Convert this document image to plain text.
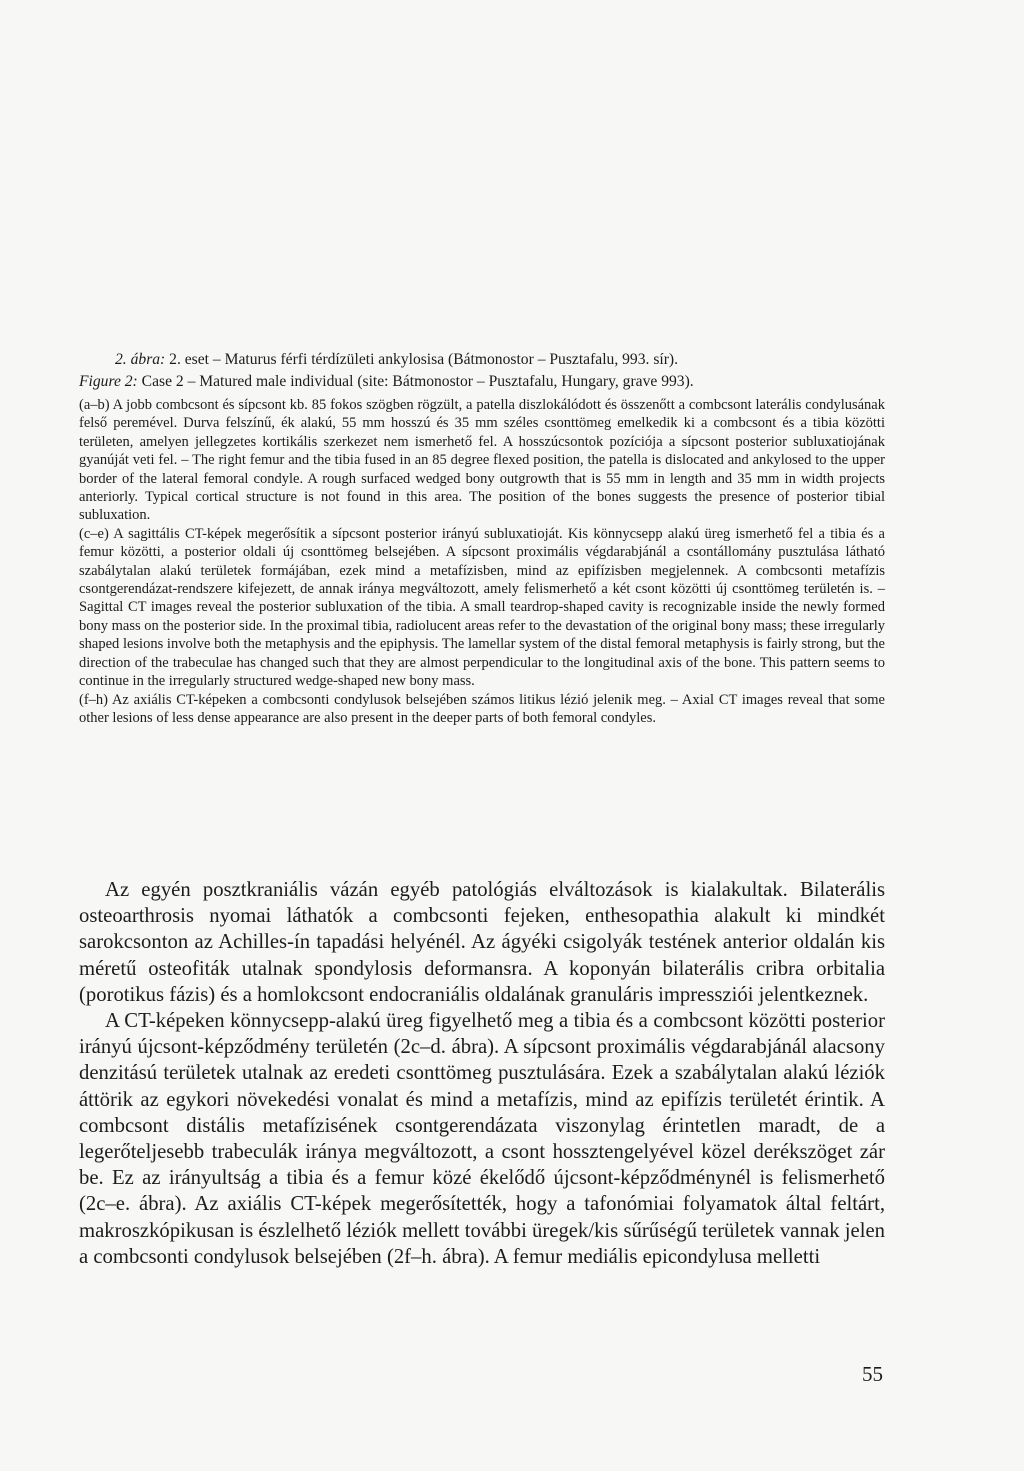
2. ábra: 2. eset – Maturus férfi térdízületi ankylosisa (Bátmonostor – Pusztafalu, 993. sír).

Figure 2: Case 2 – Matured male individual (site: Bátmonostor – Pusztafalu, Hungary, grave 993).

(a–b) A jobb combcsont és sípcsont kb. 85 fokos szögben rögzült, a patella diszlokálódott és összenőtt a combcsont laterális condylusának felső peremével. Durva felszínű, ék alakú, 55 mm hosszú és 35 mm széles csonttömeg emelkedik ki a combcsont és a tibia közötti területen, amelyen jellegzetes kortikális szerkezet nem ismerhető fel. A hosszúcsontok pozíciója a sípcsont posterior subluxatiojának gyanúját veti fel. – The right femur and the tibia fused in an 85 degree flexed position, the patella is dislocated and ankylosed to the upper border of the lateral femoral condyle. A rough surfaced wedged bony outgrowth that is 55 mm in length and 35 mm in width projects anteriorly. Typical cortical structure is not found in this area. The position of the bones suggests the presence of posterior tibial subluxation.

(c–e) A sagittális CT-képek megerősítik a sípcsont posterior irányú subluxatioját. Kis könnycsepp alakú üreg ismerhető fel a tibia és a femur közötti, a posterior oldali új csonttömeg belsejében. A sípcsont proximális végdarabjánál a csontállomány pusztulása látható szabálytalan alakú területek formájában, ezek mind a metafízisben, mind az epifízisben megjelennek. A combcsonti metafízis csontgerendázat-rendszere kifejezett, de annak iránya megváltozott, amely felismerhető a két csont közötti új csonttömeg területén is. – Sagittal CT images reveal the posterior subluxation of the tibia. A small teardrop-shaped cavity is recognizable inside the newly formed bony mass on the posterior side. In the proximal tibia, radiolucent areas refer to the devastation of the original bony mass; these irregularly shaped lesions involve both the metaphysis and the epiphysis. The lamellar system of the distal femoral metaphysis is fairly strong, but the direction of the trabeculae has changed such that they are almost perpendicular to the longitudinal axis of the bone. This pattern seems to continue in the irregularly structured wedge-shaped new bony mass.

(f–h) Az axiális CT-képeken a combcsonti condylusok belsejében számos litikus lézió jelenik meg. – Axial CT images reveal that some other lesions of less dense appearance are also present in the deeper parts of both femoral condyles.

Az egyén posztkraniális vázán egyéb patológiás elváltozások is kialakultak. Bilaterális osteoarthrosis nyomai láthatók a combcsonti fejeken, enthesopathia alakult ki mindkét sarokcsonton az Achilles-ín tapadási helyénél. Az ágyéki csigolyák testének anterior oldalán kis méretű osteofiták utalnak spondylosis deformansra. A koponyán bilaterális cribra orbitalia (porotikus fázis) és a homlokcsont endocraniális oldalának granuláris impressziói jelentkeznek.

A CT-képeken könnycsepp-alakú üreg figyelhető meg a tibia és a combcsont közötti posterior irányú újcsont-képződmény területén (2c–d. ábra). A sípcsont proximális végdarabjánál alacsony denzitású területek utalnak az eredeti csonttömeg pusztulására. Ezek a szabálytalan alakú léziók áttörik az egykori növekedési vonalat és mind a metafízis, mind az epifízis területét érintik. A combcsont distális metafízisének csontgerendázata viszonylag érintetlen maradt, de a legerőteljesebb trabeculák iránya megváltozott, a csont hossztengelyével közel derékszöget zár be. Ez az irányultság a tibia és a femur közé ékelődő újcsont-képződménynél is felismerhető (2c–e. ábra). Az axiális CT-képek megerősítették, hogy a tafonómiai folyamatok által feltárt, makroszkópikusan is észlelhető léziók mellett további üregek/kis sűrűségű területek vannak jelen a combcsonti condylusok belsejében (2f–h. ábra). A femur mediális epicondylusa melletti

55
